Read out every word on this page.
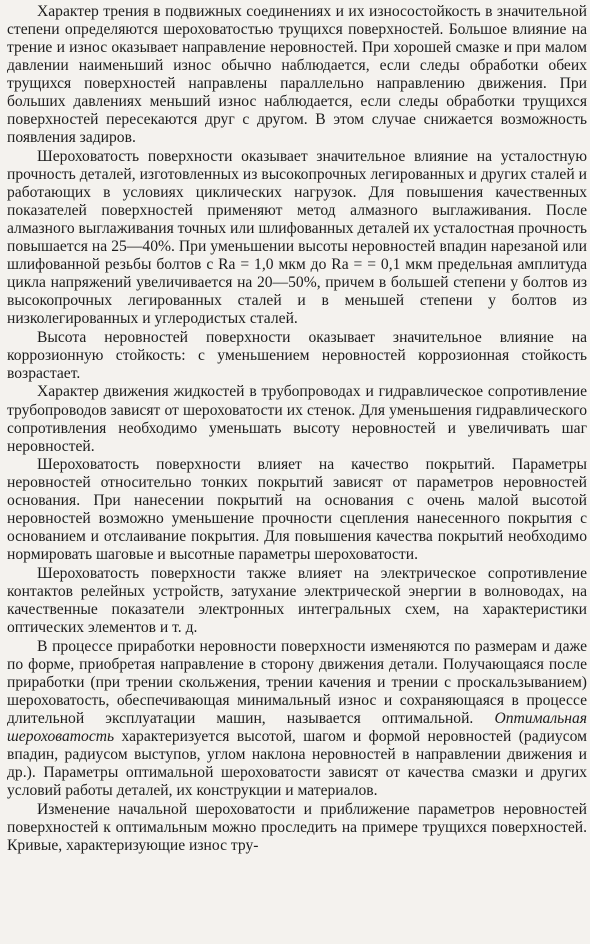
Характер трения в подвижных соединениях и их износостойкость в значительной степени определяются шероховатостью трущихся поверхностей. Большое влияние на трение и износ оказывает направление неровностей. При хорошей смазке и при малом давлении наименьший износ обычно наблюдается, если следы обработки обеих трущихся поверхностей направлены параллельно направлению движения. При больших давлениях меньший износ наблюдается, если следы обработки трущихся поверхностей пересекаются друг с другом. В этом случае снижается возможность появления задиров.

Шероховатость поверхности оказывает значительное влияние на усталостную прочность деталей, изготовленных из высокопрочных легированных и других сталей и работающих в условиях циклических нагрузок. Для повышения качественных показателей поверхностей применяют метод алмазного выглаживания. После алмазного выглаживания точных или шлифованных деталей их усталостная прочность повышается на 25—40%. При уменьшении высоты неровностей впадин нарезаной или шлифованной резьбы болтов с Ra = 1,0 мкм до Ra = = 0,1 мкм предельная амплитуда цикла напряжений увеличивается на 20—50%, причем в большей степени у болтов из высокопрочных легированных сталей и в меньшей степени у болтов из низколегированных и углеродистых сталей.

Высота неровностей поверхности оказывает значительное влияние на коррозионную стойкость: с уменьшением неровностей коррозионная стойкость возрастает.

Характер движения жидкостей в трубопроводах и гидравлическое сопротивление трубопроводов зависят от шероховатости их стенок. Для уменьшения гидравлического сопротивления необходимо уменьшать высоту неровностей и увеличивать шаг неровностей.

Шероховатость поверхности влияет на качество покрытий. Параметры неровностей относительно тонких покрытий зависят от параметров неровностей основания. При нанесении покрытий на основания с очень малой высотой неровностей возможно уменьшение прочности сцепления нанесенного покрытия с основанием и отслаивание покрытия. Для повышения качества покрытий необходимо нормировать шаговые и высотные параметры шероховатости.

Шероховатость поверхности также влияет на электрическое сопротивление контактов релейных устройств, затухание электрической энергии в волноводах, на качественные показатели электронных интегральных схем, на характеристики оптических элементов и т. д.

В процессе приработки неровности поверхности изменяются по размерам и даже по форме, приобретая направление в сторону движения детали. Получающаяся после приработки (при трении скольжения, трении качения и трении с проскальзыванием) шероховатость, обеспечивающая минимальный износ и сохраняющаяся в процессе длительной эксплуатации машин, называется оптимальной. Оптимальная шероховатость характеризуется высотой, шагом и формой неровностей (радиусом впадин, радиусом выступов, углом наклона неровностей в направлении движения и др.). Параметры оптимальной шероховатости зависят от качества смазки и других условий работы деталей, их конструкции и материалов.

Изменение начальной шероховатости и приближение параметров неровностей поверхностей к оптимальным можно проследить на примере трущихся поверхностей. Кривые, характеризующие износ тру-
